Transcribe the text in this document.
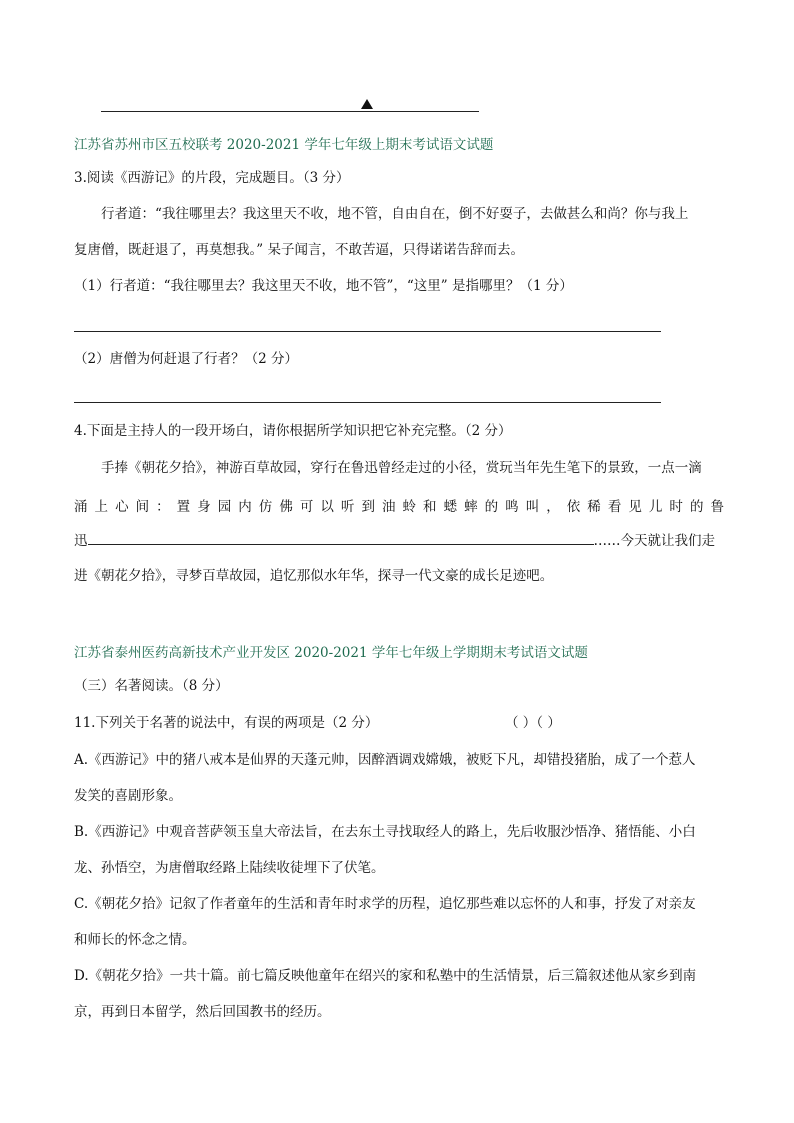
江苏省苏州市区五校联考 2020-2021 学年七年级上期末考试语文试题
3.阅读《西游记》的片段，完成题目。（3 分）
行者道：“我往哪里去？我这里天不收，地不管，自由自在，倒不好耍子，去做甚么和尚？你与我上
复唐僧，既赶退了，再莫想我。” 呆子闻言，不敢苦逼，只得诺诺告辞而去。
（1）行者道：“我往哪里去？我这里天不收，地不管”，“这里” 是指哪里？（1 分）
（2）唐僧为何赶退了行者？（2 分）
4.下面是主持人的一段开场白，请你根据所学知识把它补充完整。（2 分）
手捧《朝花夕拾》，神游百草故园，穿行在鲁迅曾经走过的小径，赏玩当年先生笔下的景致，一点一滴
涌 上 心 间 ： 置 身 园 内 仿 佛 可 以 听 到 油 蛉 和 蟋 蟀 的 鸣 叫 ， 依 稀 看 见 儿 时 的 鲁
迅	……今天就让我们走
进《朝花夕拾》，寻梦百草故园，追忆那似水年华，探寻一代文豪的成长足迹吧。
江苏省泰州医药高新技术产业开发区 2020-2021 学年七年级上学期期末考试语文试题
（三）名著阅读。（8 分）
11.下列关于名著的说法中，有误的两项是（2 分）	（ ）（ ）
A.《西游记》中的猪八戒本是仙界的天蓬元帅，因醉酒调戏嫦娥，被贬下凡，却错投猪胎，成了一个惹人
发笑的喜剧形象。
B.《西游记》中观音菩萨领玉皇大帝法旨，在去东土寻找取经人的路上，先后收服沙悟净、猪悟能、小白
龙、孙悟空，为唐僧取经路上陆续收徒埋下了伏笔。
C.《朝花夕拾》记叙了作者童年的生活和青年时求学的历程，追忆那些难以忘怀的人和事，抒发了对亲友
和师长的怀念之情。
D.《朝花夕拾》一共十篇。前七篇反映他童年在绍兴的家和私塾中的生活情景，后三篇叙述他从家乡到南
京，再到日本留学，然后回国教书的经历。
